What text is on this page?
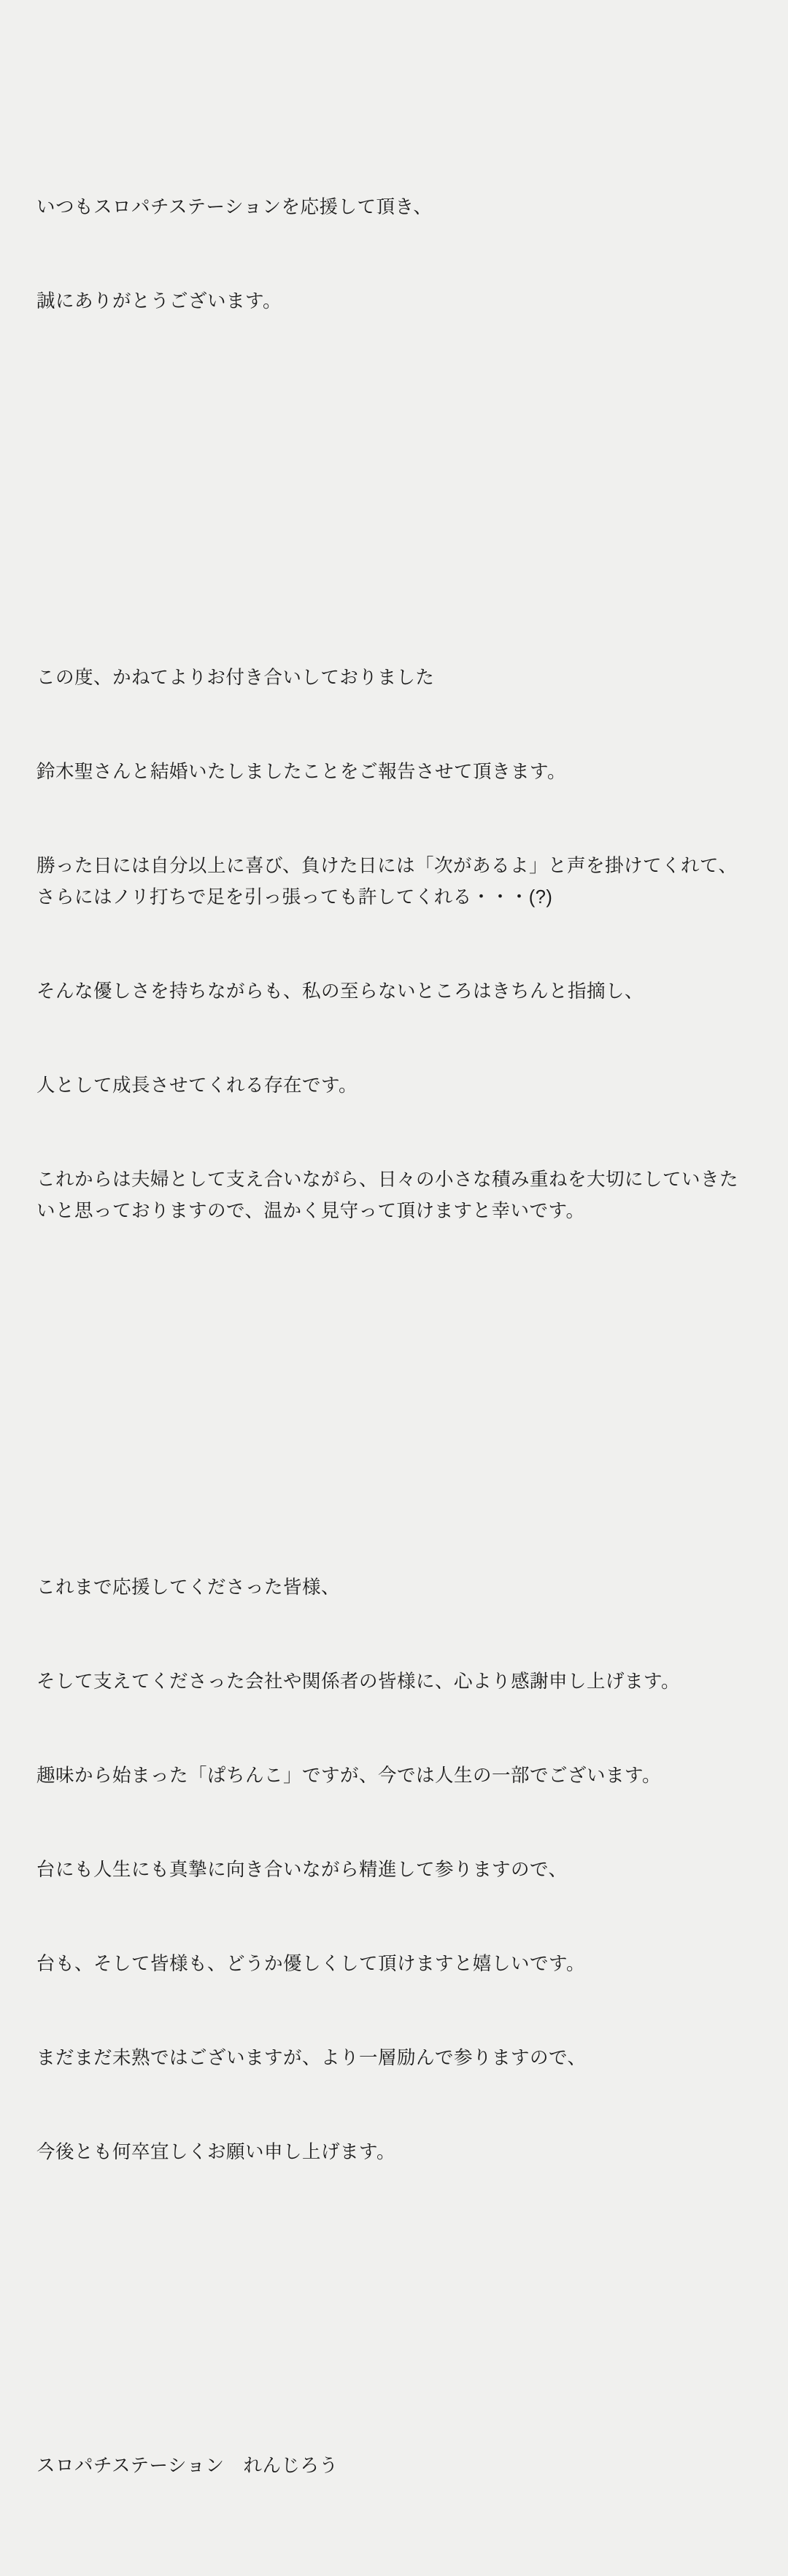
いつもスロパチステーションを応援して頂き、

誠にありがとうございます。

この度、かねてよりお付き合いしておりました

鈴木聖さんと結婚いたしましたことをご報告させて頂きます。

勝った日には自分以上に喜び、負けた日には「次があるよ」と声を掛けてくれて、さらにはノリ打ちで足を引っ張っても許してくれる・・・(?)

そんな優しさを持ちながらも、私の至らないところはきちんと指摘し、

人として成長させてくれる存在です。

これからは夫婦として支え合いながら、日々の小さな積み重ねを大切にしていきたいと思っておりますので、温かく見守って頂けますと幸いです。

これまで応援してくださった皆様、

そして支えてくださった会社や関係者の皆様に、心より感謝申し上げます。

趣味から始まった「ぱちんこ」ですが、今では人生の一部でございます。

台にも人生にも真摯に向き合いながら精進して参りますので、

台も、そして皆様も、どうか優しくして頂けますと嬉しいです。

まだまだ未熟ではございますが、より一層励んで参りますので、

今後とも何卒宜しくお願い申し上げます。

スロパチステーション　れんじろう
